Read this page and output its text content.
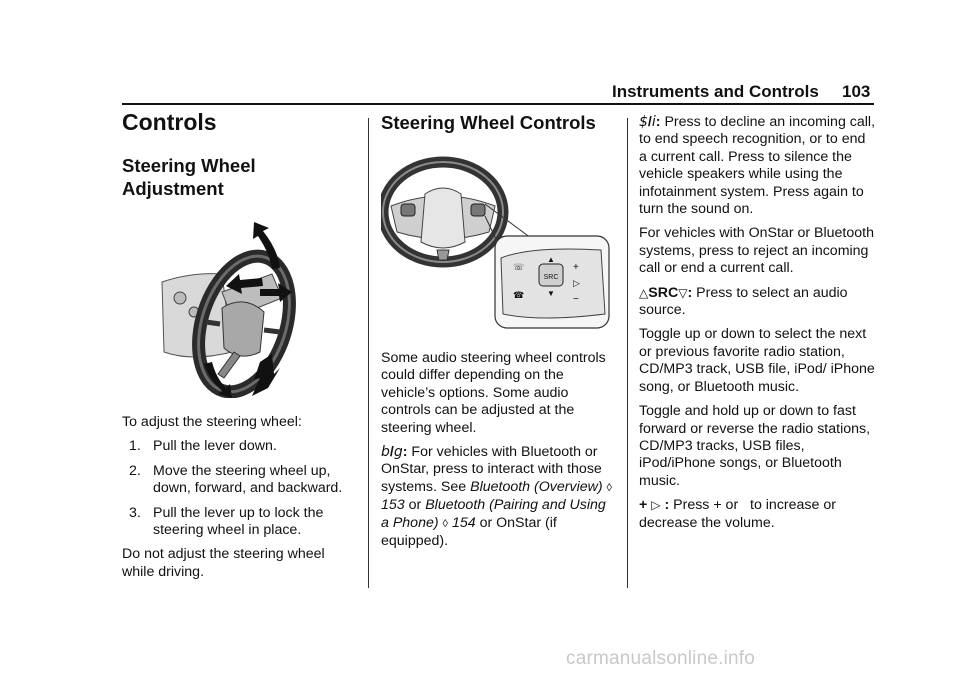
Instruments and Controls 103
Controls
Steering Wheel Adjustment

To adjust the steering wheel:

1. Pull the lever down.
2. Move the steering wheel up, down, forward, and backward.
3. Pull the lever up to lock the steering wheel in place.

Do not adjust the steering wheel while driving.

Steering Wheel Controls
SRC
▲
▼
☏
☎
+
▷
−

Some audio steering wheel controls could differ depending on the vehicle’s options. Some audio controls can be adjusted at the steering wheel.

b/g: For vehicles with Bluetooth or OnStar, press to interact with those systems. See Bluetooth (Overview) ◊ 153 or Bluetooth (Pairing and Using a Phone) ◊ 154 or OnStar (if equipped).

$/i: Press to decline an incoming call, to end speech recognition, or to end a current call. Press to silence the vehicle speakers while using the infotainment system. Press again to turn the sound on.

For vehicles with OnStar or Bluetooth systems, press to reject an incoming call or end a current call.

△SRC▽: Press to select an audio source.

Toggle up or down to select the next or previous favorite radio station, CD/MP3 track, USB file, iPod/ iPhone song, or Bluetooth music.

Toggle and hold up or down to fast forward or reverse the radio stations, CD/MP3 tracks, USB files, iPod/iPhone songs, or Bluetooth music.

+ ▷ : Press + or   to increase or decrease the volume.

carmanualsonline.info
